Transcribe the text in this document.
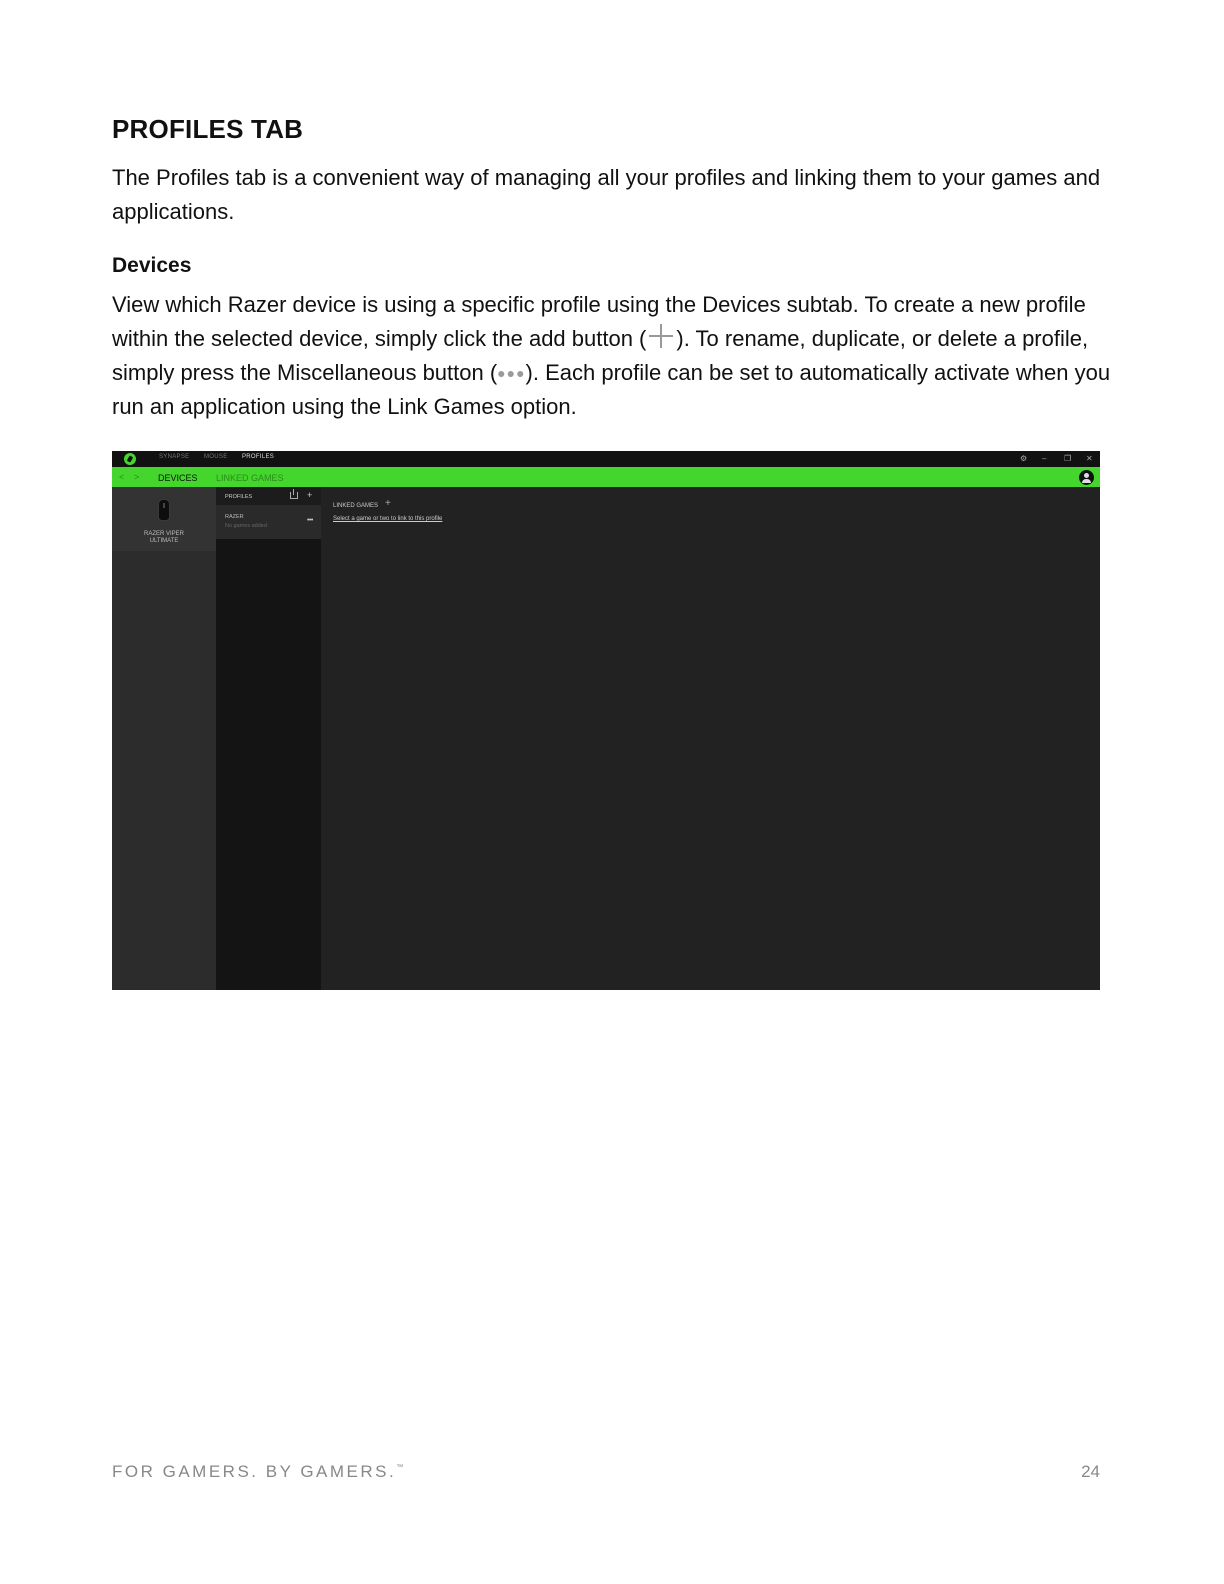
PROFILES TAB
The Profiles tab is a convenient way of managing all your profiles and linking them to your games and applications.
Devices
View which Razer device is using a specific profile using the Devices subtab. To create a new profile within the selected device, simply click the add button ( ). To rename, duplicate, or delete a profile, simply press the Miscellaneous button (●●●). Each profile can be set to automatically activate when you run an application using the Link Games option.
SYNAPSE MOUSE PROFILES	⚙ – ❐ ✕
< > DEVICES LINKED GAMES
RAZER VIPER
ULTIMATE
PROFILES	+
RAZER
No games added
•••
LINKED GAMES +
Select a game or two to link to this profile
FOR GAMERS. BY GAMERS.™	24
